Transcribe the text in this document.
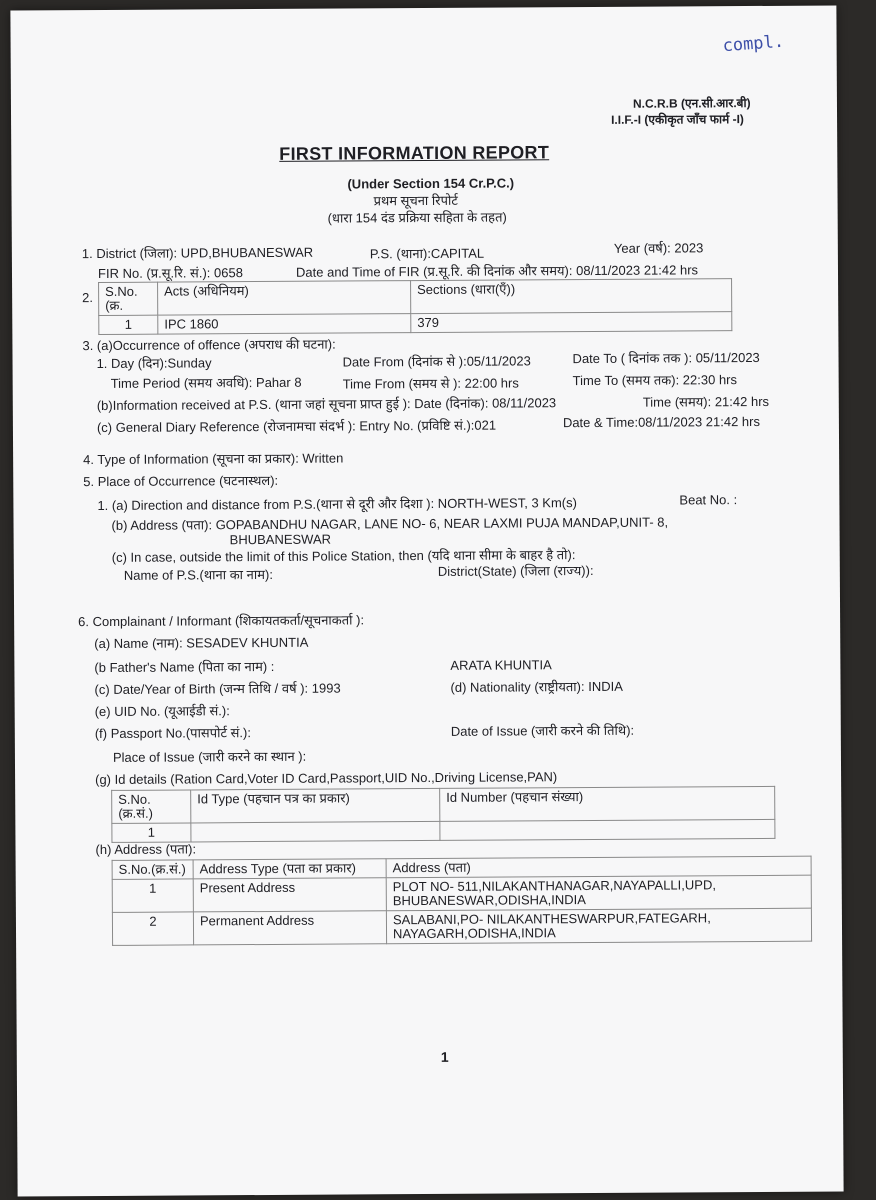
compl.
N.C.R.B (एन.सी.आर.बी)
I.I.F.-I (एकीकृत जाँच फार्म -I)
FIRST INFORMATION REPORT
(Under Section 154 Cr.P.C.)
प्रथम सूचना रिपोर्ट
(धारा 154 दंड प्रक्रिया सहिता के तहत)
1. District (जिला): UPD,BHUBANESWAR	P.S. (थाना):CAPITAL	Year (वर्ष): 2023
FIR No. (प्र.सू.रि. सं.): 0658	Date and Time of FIR (प्र.सू.रि. की दिनांक और समय): 08/11/2023 21:42 hrs
2. S.No. (क्र.	Acts (अधिनियम)	Sections (धारा(एँ))
1	IPC 1860	379
3. (a)Occurrence of offence (अपराध की घटना):
1. Day (दिन):Sunday	Date From (दिनांक से ):05/11/2023	Date To ( दिनांक तक ): 05/11/2023
Time Period (समय अवधि): Pahar 8	Time From (समय से ): 22:00 hrs	Time To (समय तक): 22:30 hrs
(b)Information received at P.S. (थाना जहां सूचना प्राप्त हुई ): Date (दिनांक): 08/11/2023	Time (समय): 21:42 hrs
(c) General Diary Reference (रोजनामचा संदर्भ ): Entry No. (प्रविष्टि सं.):021	Date & Time:08/11/2023 21:42 hrs
4. Type of Information (सूचना का प्रकार): Written
5. Place of Occurrence (घटनास्थल):
1. (a) Direction and distance from P.S.(थाना से दूरी और दिशा ): NORTH-WEST, 3 Km(s)	Beat No. :
(b) Address (पता): GOPABANDHU NAGAR, LANE NO- 6, NEAR LAXMI PUJA MANDAP,UNIT- 8,
BHUBANESWAR
(c) In case, outside the limit of this Police Station, then (यदि थाना सीमा के बाहर है तो):
Name of P.S.(थाना का नाम):	District(State) (जिला (राज्य)):
6. Complainant / Informant (शिकायतकर्ता/सूचनाकर्ता ):
(a) Name (नाम): SESADEV KHUNTIA
(b Father's Name (पिता का नाम) :	ARATA KHUNTIA
(c) Date/Year of Birth (जन्म तिथि / वर्ष ): 1993	(d) Nationality (राष्ट्रीयता): INDIA
(e) UID No. (यूआईडी सं.):
(f) Passport No.(पासपोर्ट सं.):	Date of Issue (जारी करने की तिथि):
Place of Issue (जारी करने का स्थान ):
(g) Id details (Ration Card,Voter ID Card,Passport,UID No.,Driving License,PAN)
S.No.(क्र.सं.)	Id Type (पहचान पत्र का प्रकार)	Id Number (पहचान संख्या)
1		
(h) Address (पता):
S.No.(क्र.सं.)	Address Type (पता का प्रकार)	Address (पता)
1	Present Address	PLOT NO- 511,NILAKANTHANAGAR,NAYAPALLI,UPD,
BHUBANESWAR,ODISHA,INDIA

2	Permanent Address	SALABANI,PO- NILAKANTHESWARPUR,FATEGARH,
NAYAGARH,ODISHA,INDIA
1
